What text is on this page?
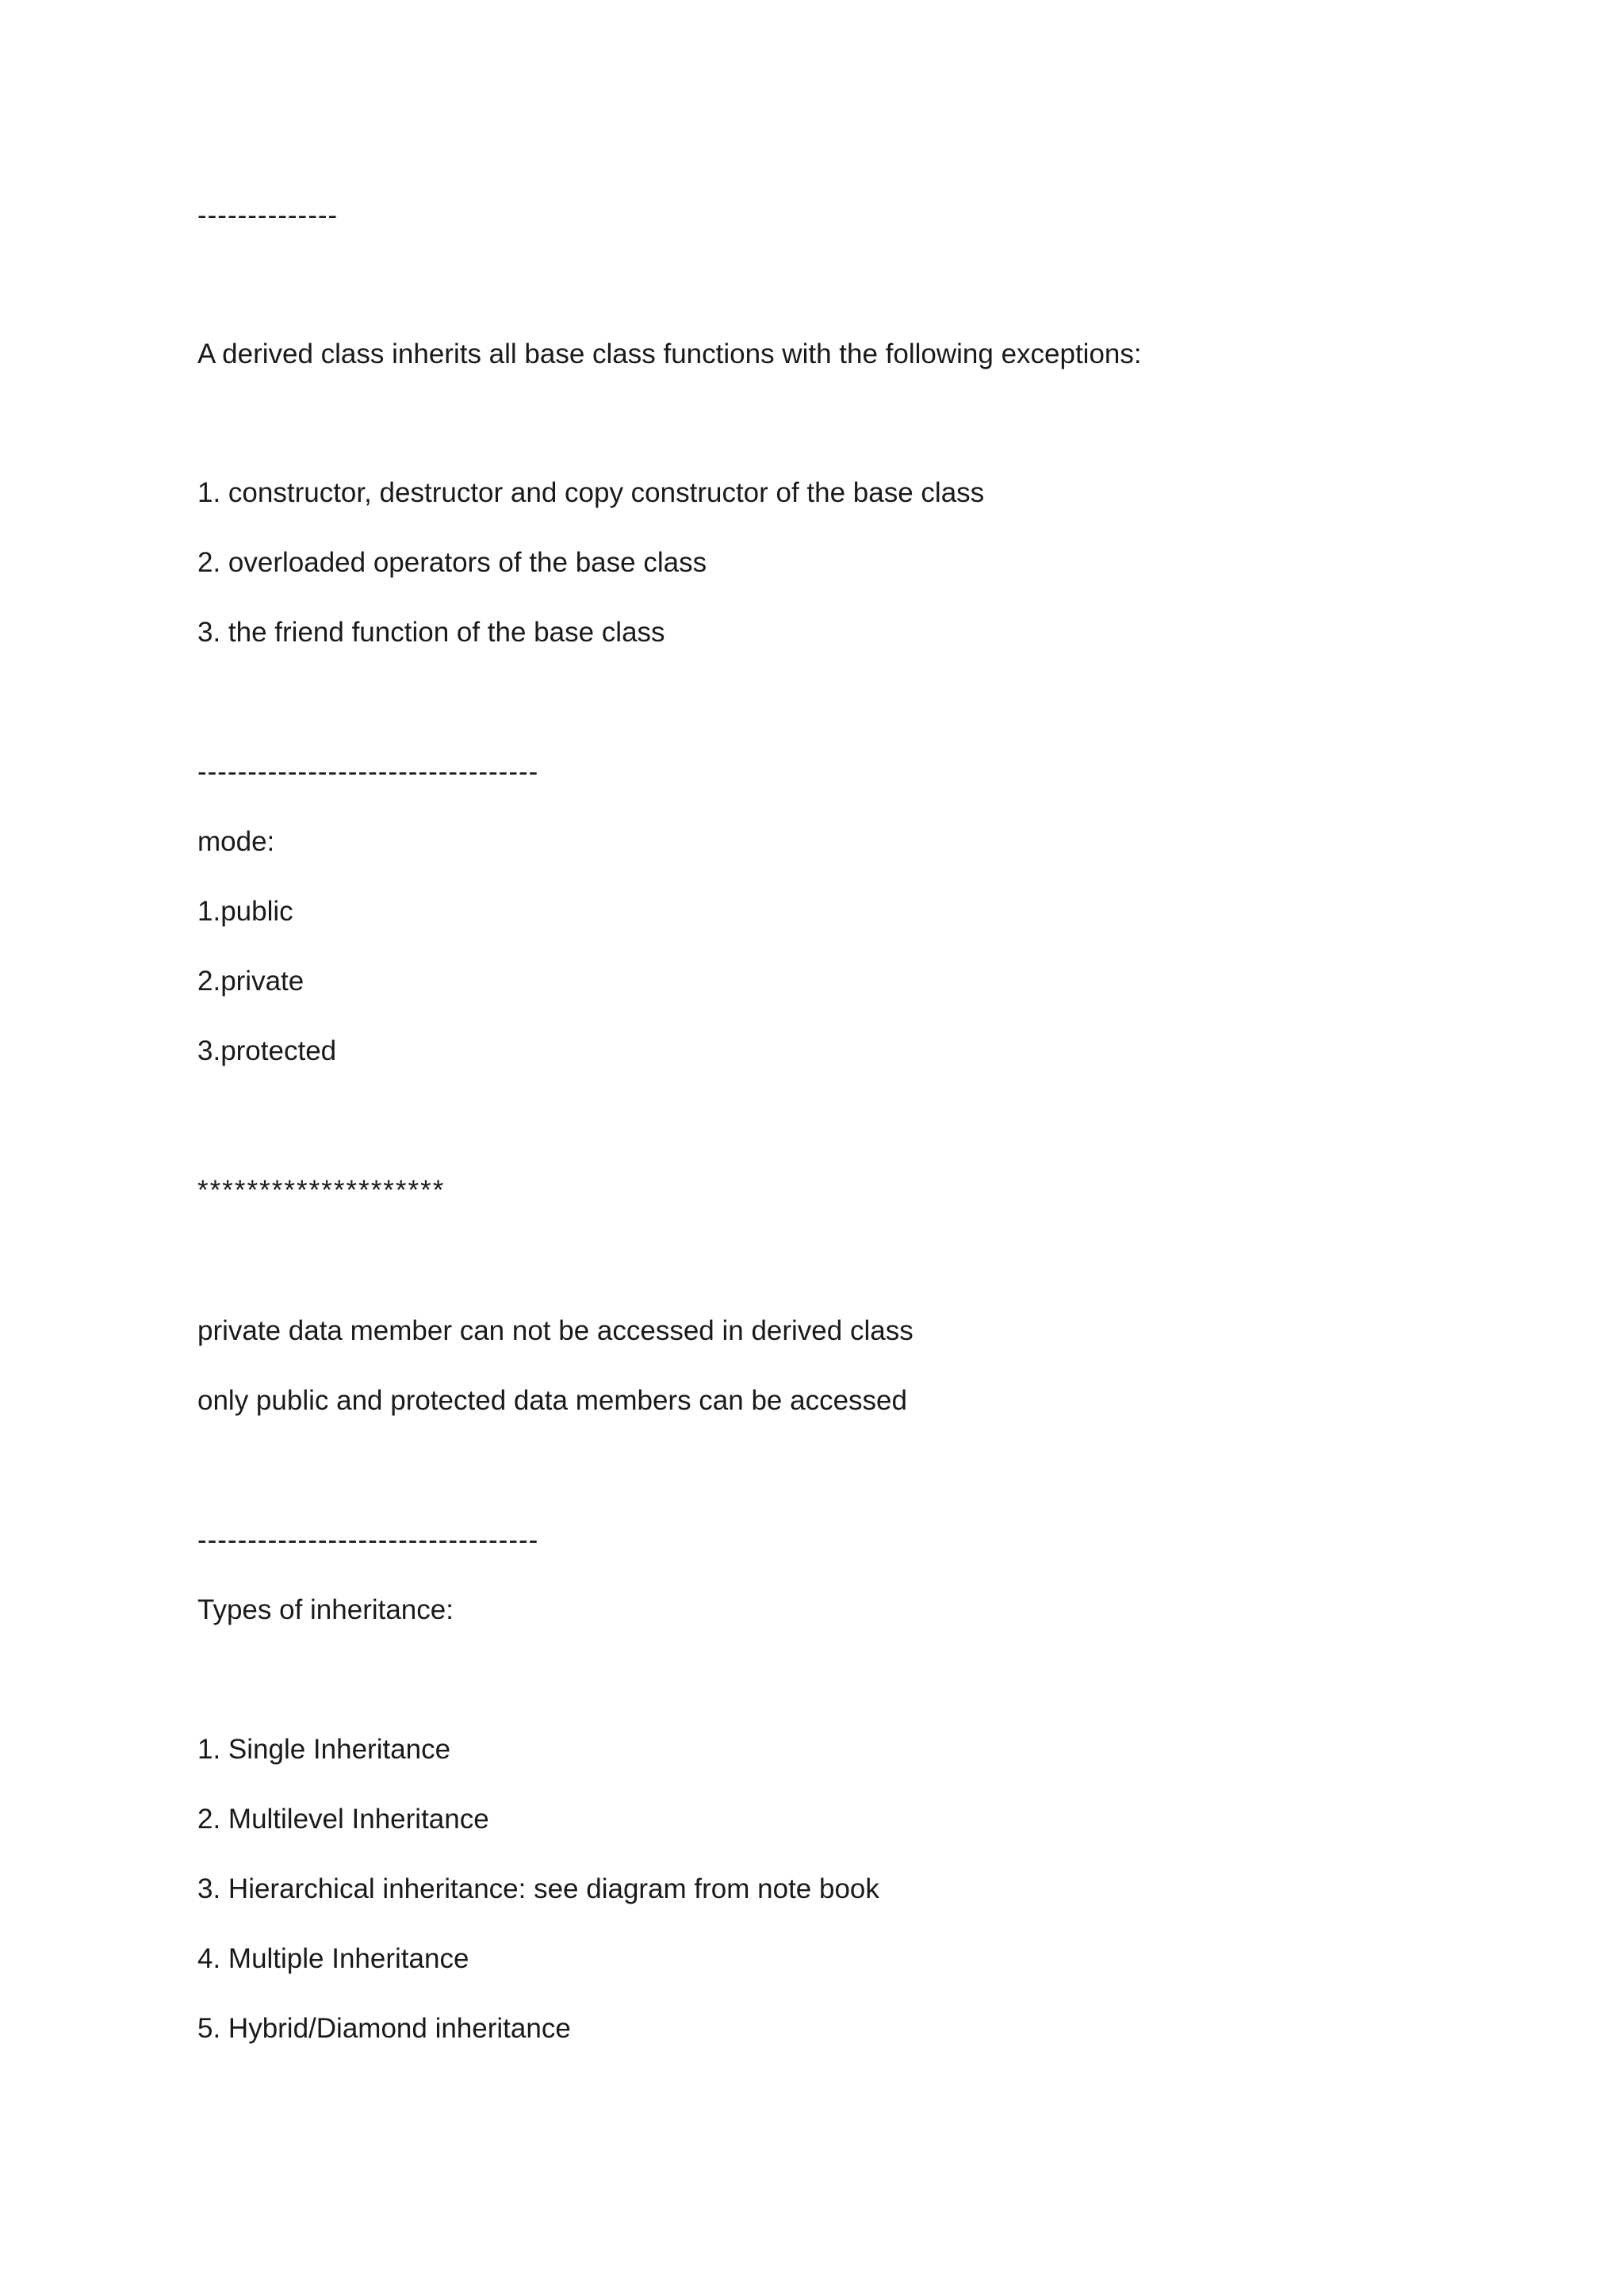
--------------
A derived class inherits all base class functions with the following exceptions:
1. constructor, destructor and copy constructor of the base class
2. overloaded operators of the base class
3. the friend function of the base class
----------------------------------
mode:
1.public
2.private
3.protected
********************
private data member can not be accessed in derived class
only public and protected data members can be accessed
----------------------------------
Types of inheritance:
1. Single Inheritance
2. Multilevel Inheritance
3. Hierarchical inheritance: see diagram from note book
4. Multiple Inheritance
5. Hybrid/Diamond inheritance
